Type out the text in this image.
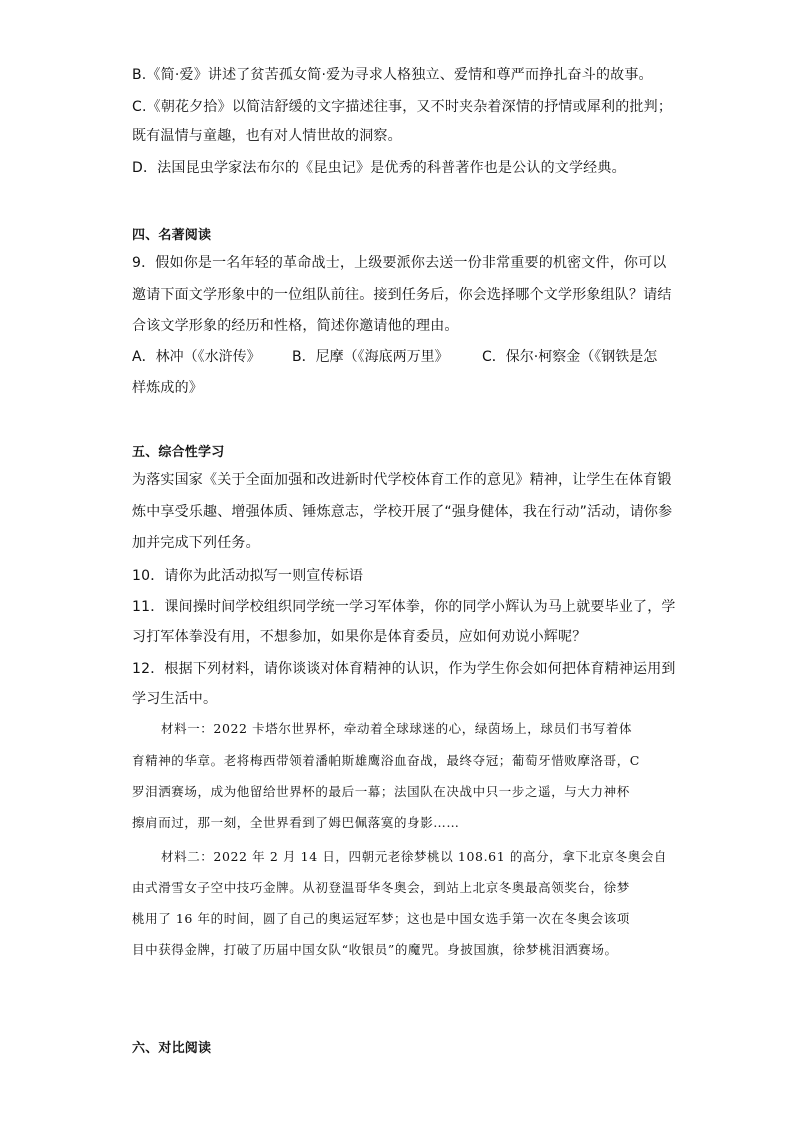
B.《简·爱》讲述了贫苦孤女简·爱为寻求人格独立、爱情和尊严而挣扎奋斗的故事。
C.《朝花夕拾》以简洁舒缓的文字描述往事，又不时夹杂着深情的抒情或犀利的批判；
既有温情与童趣，也有对人情世故的洞察。
D．法国昆虫学家法布尔的《昆虫记》是优秀的科普著作也是公认的文学经典。
四、名著阅读
9．假如你是一名年轻的革命战士，上级要派你去送一份非常重要的机密文件，你可以
邀请下面文学形象中的一位组队前往。接到任务后，你会选择哪个文学形象组队？请结
合该文学形象的经历和性格，简述你邀请他的理由。
A．林冲（《水浒传》 B．尼摩（《海底两万里》 C．保尔·柯察金（《钢铁是怎
样炼成的》
五、综合性学习
为落实国家《关于全面加强和改进新时代学校体育工作的意见》精神，让学生在体育锻
炼中享受乐趣、增强体质、锤炼意志，学校开展了“强身健体，我在行动”活动，请你参
加并完成下列任务。
10．请你为此活动拟写一则宣传标语
11．课间操时间学校组织同学统一学习军体拳，你的同学小辉认为马上就要毕业了，学
习打军体拳没有用，不想参加，如果你是体育委员，应如何劝说小辉呢？
12．根据下列材料，请你谈谈对体育精神的认识，作为学生你会如何把体育精神运用到
学习生活中。
材料一：2022 卡塔尔世界杯，牵动着全球球迷的心，绿茵场上，球员们书写着体
育精神的华章。老将梅西带领着潘帕斯雄鹰浴血奋战，最终夺冠；葡萄牙惜败摩洛哥，C
罗泪洒赛场，成为他留给世界杯的最后一幕；法国队在决战中只一步之遥，与大力神杯
擦肩而过，那一刻，全世界看到了姆巴佩落寞的身影……
材料二：2022 年 2 月 14 日，四朝元老徐梦桃以 108.61 的高分，拿下北京冬奥会自
由式滑雪女子空中技巧金牌。从初登温哥华冬奥会，到站上北京冬奥最高领奖台，徐梦
桃用了 16 年的时间，圆了自己的奥运冠军梦；这也是中国女选手第一次在冬奥会该项
目中获得金牌，打破了历届中国女队“收银员”的魔咒。身披国旗，徐梦桃泪洒赛场。
六、对比阅读
